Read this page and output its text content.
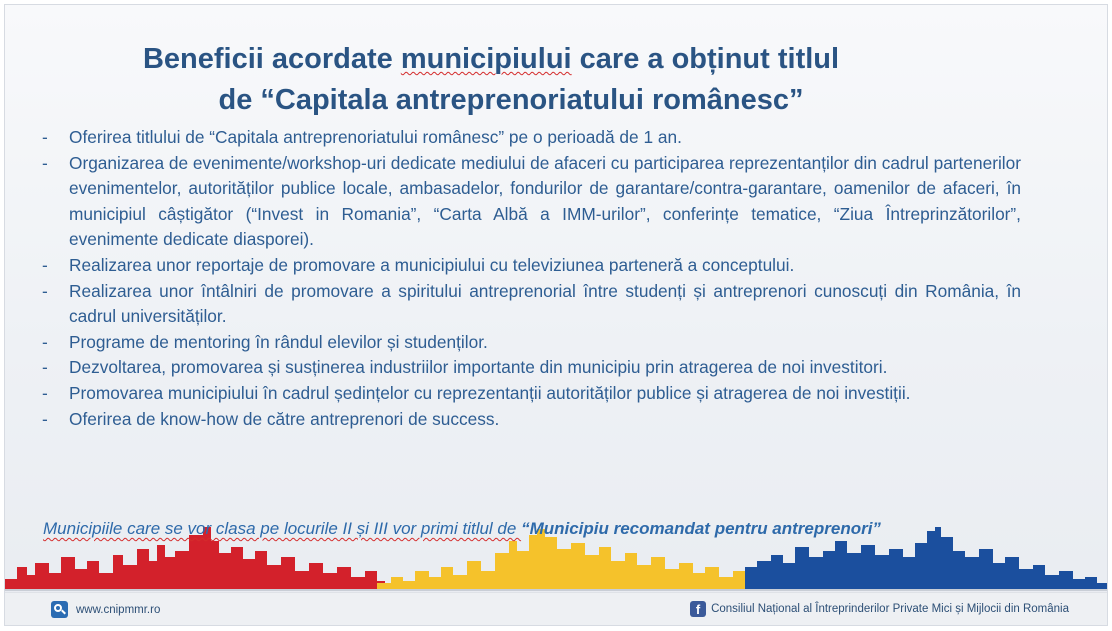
Beneficii acordate municipiului care a obținut titlul
de “Capitala antreprenoriatului românesc”
- Oferirea titlului de “Capitala antreprenoriatului românesc” pe o perioadă de 1 an.
- Organizarea de evenimente/workshop-uri dedicate mediului de afaceri cu participarea reprezentanților din cadrul partenerilor evenimentelor, autorităților publice locale, ambasadelor, fondurilor de garantare/contra-garantare, oamenilor de afaceri, în municipiul câștigător (“Invest in Romania”, “Carta Albă a IMM-urilor”, conferințe tematice, “Ziua Întreprinzătorilor”, evenimente dedicate diasporei).
- Realizarea unor reportaje de promovare a municipiului cu televiziunea parteneră a conceptului.
- Realizarea unor întâlniri de promovare a spiritului antreprenorial între studenți și antreprenori cunoscuți din România, în cadrul universităților.
- Programe de mentoring în rândul elevilor și studenților.
- Dezvoltarea, promovarea și susținerea industriilor importante din municipiu prin atragerea de noi investitori.
- Promovarea municipiului în cadrul ședințelor cu reprezentanții autorităților publice și atragerea de noi investiții.
- Oferirea de know-how de către antreprenori de success.
Municipiile care se vor clasa pe locurile II și III vor primi titlul de “Municipiu recomandat pentru antreprenori”
www.cnipmmr.ro	f Consiliul Național al Întreprinderilor Private Mici și Mijlocii din România
